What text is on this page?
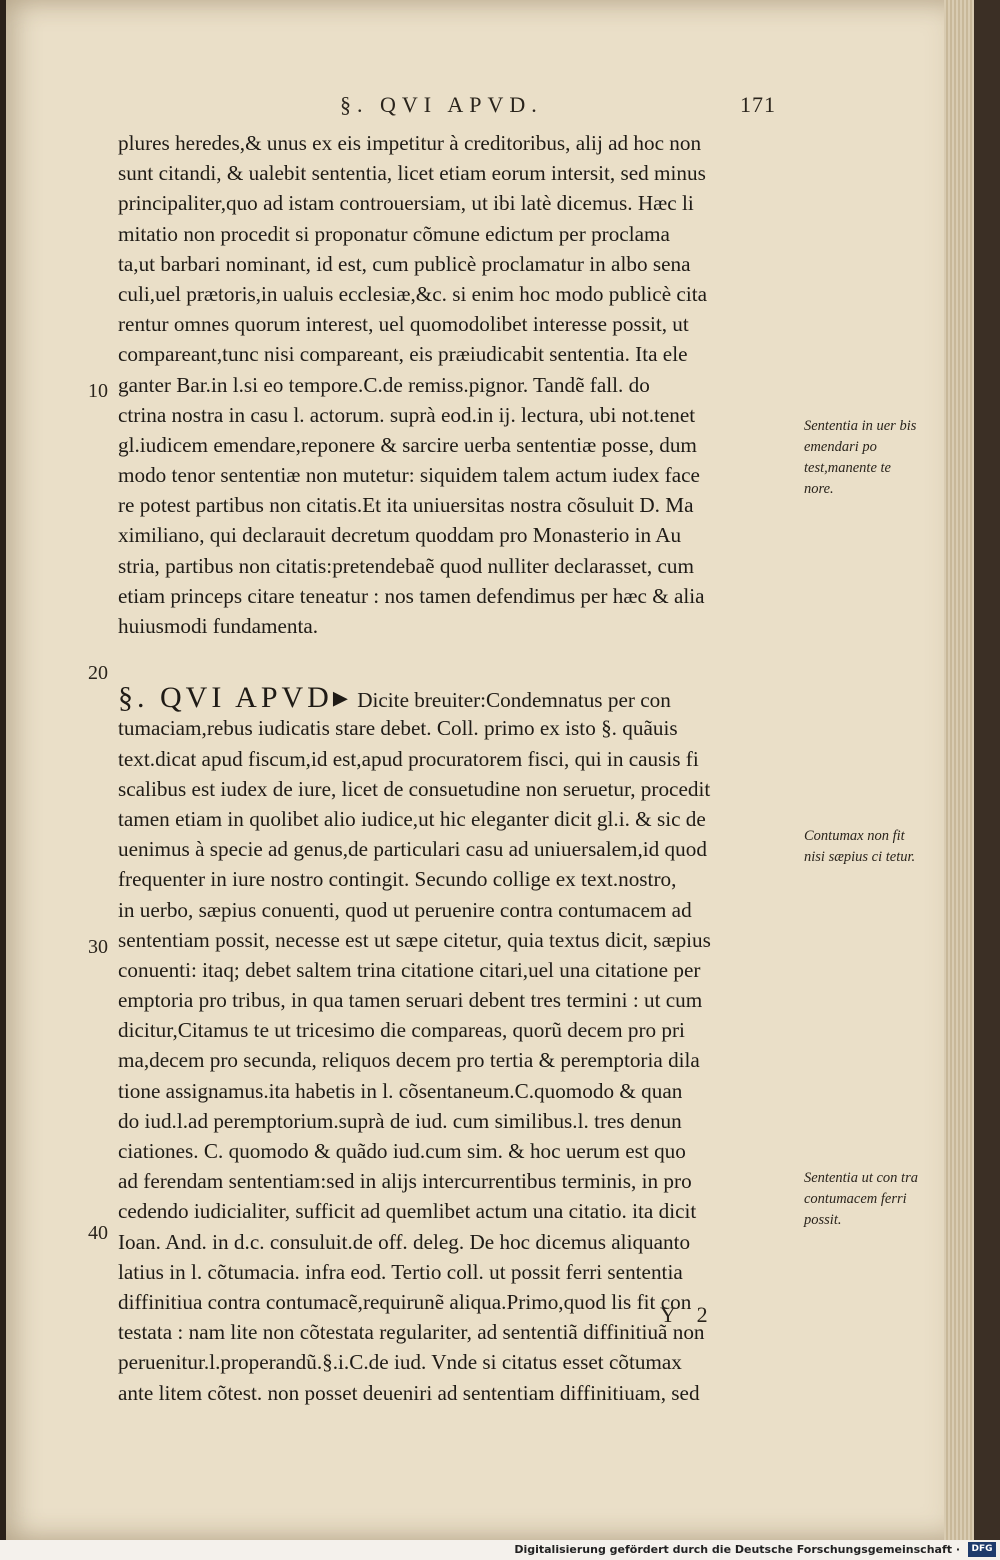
§. QVI APVD.	171
plures heredes,& unus ex eis impetitur à creditoribus, alij ad hoc non
sunt citandi, & ualebit sententia, licet etiam eorum intersit, sed minus
principaliter,quo ad istam controuersiam, ut ibi latè dicemus. Hæc li
mitatio non procedit si proponatur cõmune edictum per proclama
ta,ut barbari nominant, id est, cum publicè proclamatur in albo sena
culi,uel prætoris,in ualuis ecclesiæ,&c. si enim hoc modo publicè cita
rentur omnes quorum interest, uel quomodolibet interesse possit, ut
compareant,tunc nisi compareant, eis præiudicabit sententia. Ita ele
ganter Bar.in l.si eo tempore.C.de remiss.pignor. Tandẽ fall. do
ctrina nostra in casu l. actorum. suprà eod.in ij. lectura, ubi not.tenet
gl.iudicem emendare,reponere & sarcire uerba sententiæ posse, dum
modo tenor sententiæ non mutetur: siquidem talem actum iudex face
re potest partibus non citatis.Et ita uniuersitas nostra cõsuluit D. Ma
ximiliano, qui declarauit decretum quoddam pro Monasterio in Au
stria, partibus non citatis:pretendebaẽ quod nulliter declarasset, cum
etiam princeps citare teneatur : nos tamen defendimus per hæc & alia
huiusmodi fundamenta.
§. QVI APVD▸ Dicite breuiter:Condemnatus per con
tumaciam,rebus iudicatis stare debet. Coll. primo ex isto §. quãuis
text.dicat apud fiscum,id est,apud procuratorem fisci, qui in causis fi
scalibus est iudex de iure, licet de consuetudine non seruetur, procedit
tamen etiam in quolibet alio iudice,ut hic eleganter dicit gl.i. & sic de
uenimus à specie ad genus,de particulari casu ad uniuersalem,id quod
frequenter in iure nostro contingit. Secundo collige ex text.nostro,
in uerbo, sæpius conuenti, quod ut peruenire contra contumacem ad
sententiam possit, necesse est ut sæpe citetur, quia textus dicit, sæpius
conuenti: itaq; debet saltem trina citatione citari,uel una citatione per
emptoria pro tribus, in qua tamen seruari debent tres termini : ut cum
dicitur,Citamus te ut tricesimo die compareas, quorũ decem pro pri
ma,decem pro secunda, reliquos decem pro tertia & peremptoria dila
tione assignamus.ita habetis in l. cõsentaneum.C.quomodo & quan
do iud.l.ad peremptorium.suprà de iud. cum similibus.l. tres denun
ciationes. C. quomodo & quãdo iud.cum sim. & hoc uerum est quo
ad ferendam sententiam:sed in alijs intercurrentibus terminis, in pro
cedendo iudicialiter, sufficit ad quemlibet actum una citatio. ita dicit
Ioan. And. in d.c. consuluit.de off. deleg. De hoc dicemus aliquanto
latius in l. cõtumacia. infra eod. Tertio coll. ut possit ferri sententia
diffinitiua contra contumacẽ,requirunẽ aliqua.Primo,quod lis fit con
testata : nam lite non cõtestata regulariter, ad sententiã diffinitiuã non
peruenitur.l.properandũ.§.i.C.de iud. Vnde si citatus esset cõtumax
ante litem cõtest. non posset deueniri ad sententiam diffinitiuam, sed
10
20
30
40
Sententia in uer bis emendari po test,manente te nore.
Contumax non fit nisi sæpius ci tetur.
Sententia ut con tra contumacem ferri possit.
Y 2
Digitalisierung gefördert durch die Deutsche Forschungsgemeinschaft ·	DFG
